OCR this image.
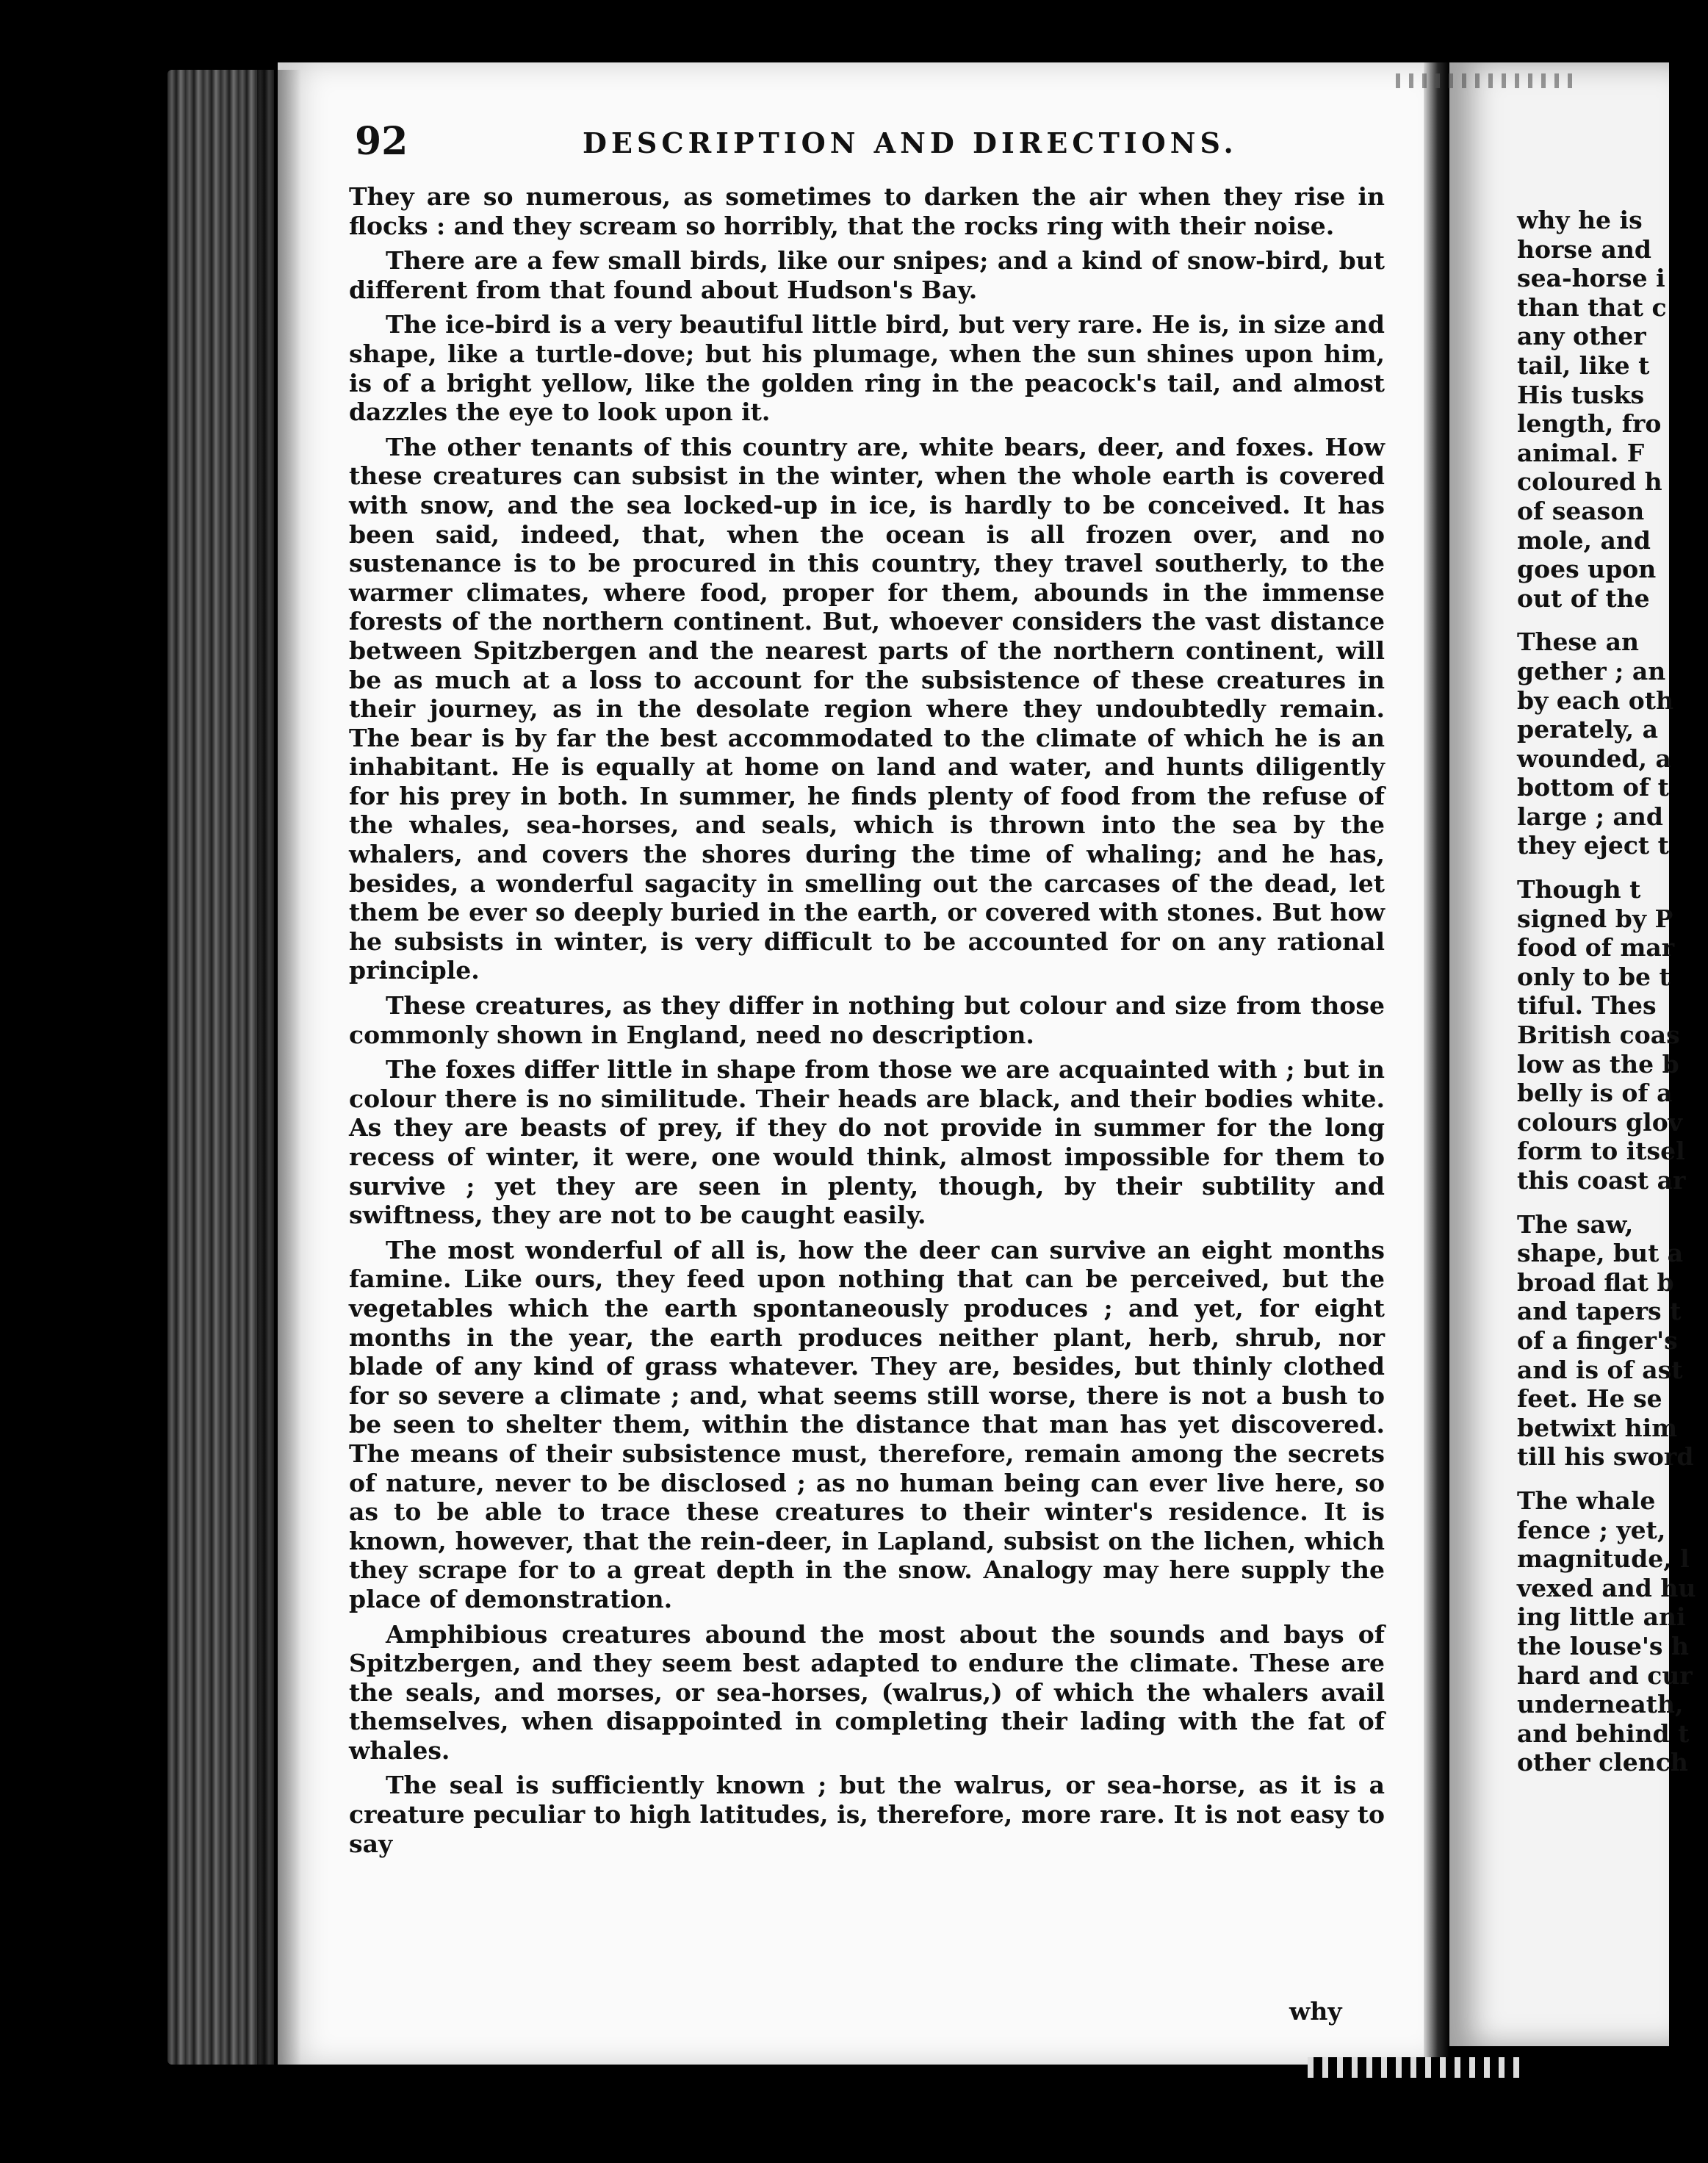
92	DESCRIPTION AND DIRECTIONS.

They are so numerous, as sometimes to darken the air when they rise in flocks : and they scream so horribly, that the rocks ring with their noise.

There are a few small birds, like our snipes; and a kind of snow-bird, but different from that found about Hudson's Bay.

The ice-bird is a very beautiful little bird, but very rare. He is, in size and shape, like a turtle-dove; but his plumage, when the sun shines upon him, is of a bright yellow, like the golden ring in the peacock's tail, and almost dazzles the eye to look upon it.

The other tenants of this country are, white bears, deer, and foxes. How these creatures can subsist in the winter, when the whole earth is covered with snow, and the sea locked-up in ice, is hardly to be conceived. It has been said, indeed, that, when the ocean is all frozen over, and no sustenance is to be procured in this country, they travel southerly, to the warmer climates, where food, proper for them, abounds in the immense forests of the northern continent. But, whoever considers the vast distance between Spitzbergen and the nearest parts of the northern continent, will be as much at a loss to account for the subsistence of these creatures in their journey, as in the desolate region where they undoubtedly remain. The bear is by far the best accommodated to the climate of which he is an inhabitant. He is equally at home on land and water, and hunts diligently for his prey in both. In summer, he finds plenty of food from the refuse of the whales, sea-horses, and seals, which is thrown into the sea by the whalers, and covers the shores during the time of whaling; and he has, besides, a wonderful sagacity in smelling out the carcases of the dead, let them be ever so deeply buried in the earth, or covered with stones. But how he subsists in winter, is very difficult to be accounted for on any rational principle.

These creatures, as they differ in nothing but colour and size from those commonly shown in England, need no description.

The foxes differ little in shape from those we are acquainted with ; but in colour there is no similitude. Their heads are black, and their bodies white. As they are beasts of prey, if they do not provide in summer for the long recess of winter, it were, one would think, almost impossible for them to survive ; yet they are seen in plenty, though, by their subtility and swiftness, they are not to be caught easily.

The most wonderful of all is, how the deer can survive an eight months famine. Like ours, they feed upon nothing that can be perceived, but the vegetables which the earth spontaneously produces ; and yet, for eight months in the year, the earth produces neither plant, herb, shrub, nor blade of any kind of grass whatever. They are, besides, but thinly clothed for so severe a climate ; and, what seems still worse, there is not a bush to be seen to shelter them, within the distance that man has yet discovered. The means of their subsistence must, therefore, remain among the secrets of nature, never to be disclosed ; as no human being can ever live here, so as to be able to trace these creatures to their winter's residence. It is known, however, that the rein-deer, in Lapland, subsist on the lichen, which they scrape for to a great depth in the snow. Analogy may here supply the place of demonstration.

Amphibious creatures abound the most about the sounds and bays of Spitzbergen, and they seem best adapted to endure the climate. These are the seals, and morses, or sea-horses, (walrus,) of which the whalers avail themselves, when disappointed in completing their lading with the fat of whales.

The seal is sufficiently known ; but the walrus, or sea-horse, as it is a creature peculiar to high latitudes, is, therefore, more rare. It is not easy to say

why
why he is
horse and
sea-horse i
than that c
any other
tail, like t
His tusks
length, fro
animal. F
coloured h
of season
mole, and
goes upon
out of the
These an
gether ; an
by each oth
perately, a
wounded, a
bottom of t
large ; and
they eject t
Though t
signed by P
food of mar
only to be t
tiful. Thes
British coas
low as the b
belly is of a
colours glov
form to itsel
this coast ar
The saw,
shape, but a
broad flat b
and tapers t
of a finger's
and is of ast
feet. He se
betwixt him
till his sword
The whale
fence ; yet,
magnitude, l
vexed and hu
ing little ani
the louse's h
hard and cur
underneath,
and behind t
other clench
